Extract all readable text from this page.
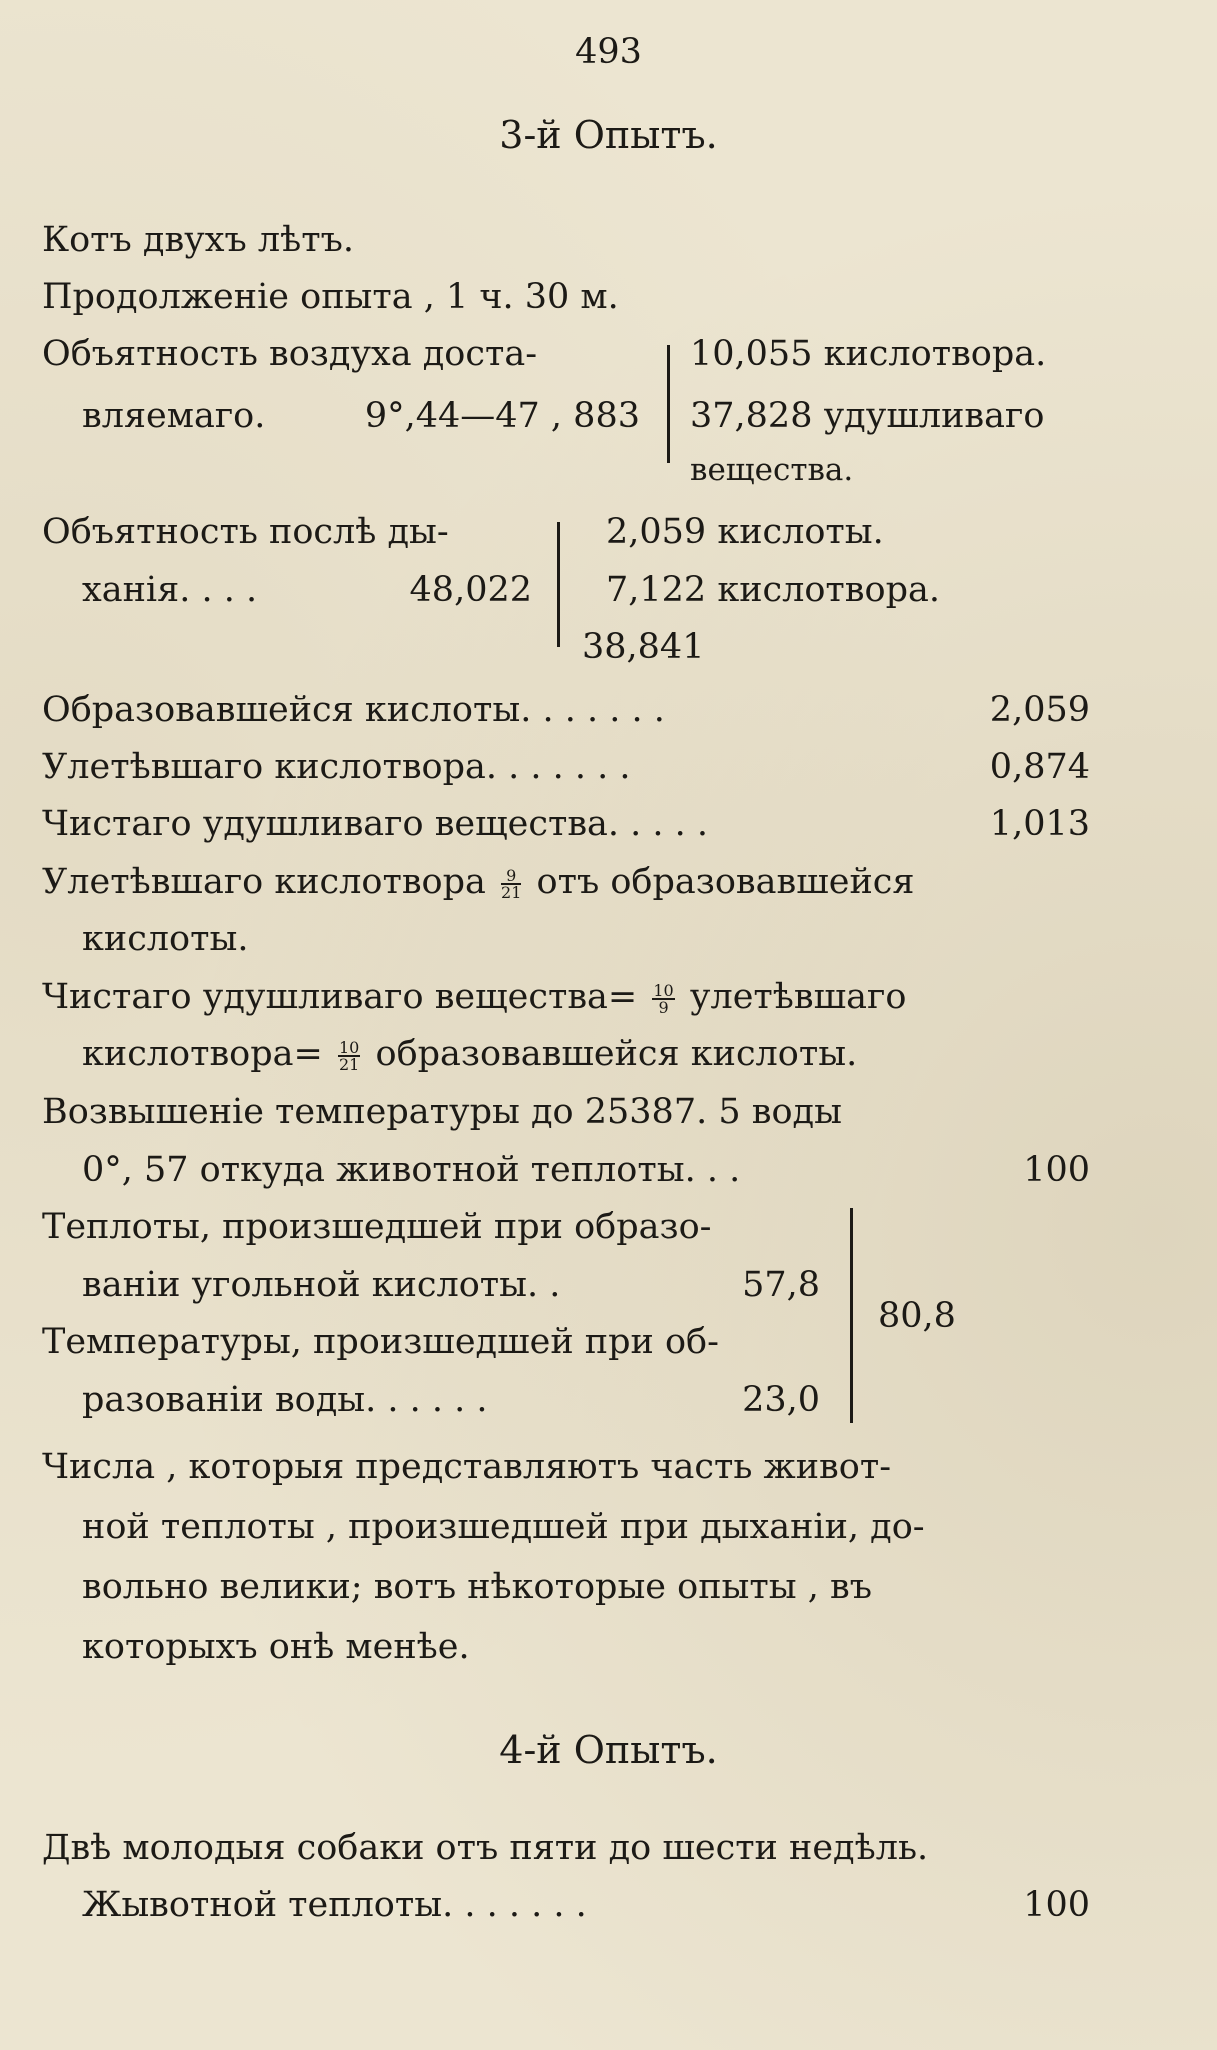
493
3-й Опытъ.
Котъ двухъ лѣтъ.
Продолженіе опыта , 1 ч. 30 м.
Объятность воздуха доста-
вляемаго.	9°,44—47 , 883
10,055 кислотвора.
37,828 удушливаго
вещества.
Объятность послѣ ды-
ханія. . . .	48,022
2,059 кислоты.
7,122 кислотвора.
38,841
Образовавшейся кислоты. . . . . . .	2,059
Улетѣвшаго кислотвора. . . . . . .	0,874
Чистаго удушливаго вещества. . . . .	1,013
Улетѣвшаго кислотвора $\frac{9}{21}$ отъ образовавшейся
кислоты.
Чистаго удушливаго вещества= $\frac{10}{9}$ улетѣвшаго
кислотвора= $\frac{10}{21}$ образовавшейся кислоты.
Возвышеніе температуры до 25387. 5 воды
0°, 57 откуда животной теплоты. . .	100
Теплоты, произшедшей при образо-
ваніи угольной кислоты. .	57,8
Температуры, произшедшей при об-
разованіи воды. . . . . .	23,0
80,8
Числа , которыя представляютъ часть живот-
ной теплоты , произшедшей при дыханіи, до-
вольно велики; вотъ нѣкоторые опыты , въ
которыхъ онѣ менѣе.
4-й Опытъ.
Двѣ молодыя собаки отъ пяти до шести недѣль.
Жывотной теплоты. . . . . . .	100
